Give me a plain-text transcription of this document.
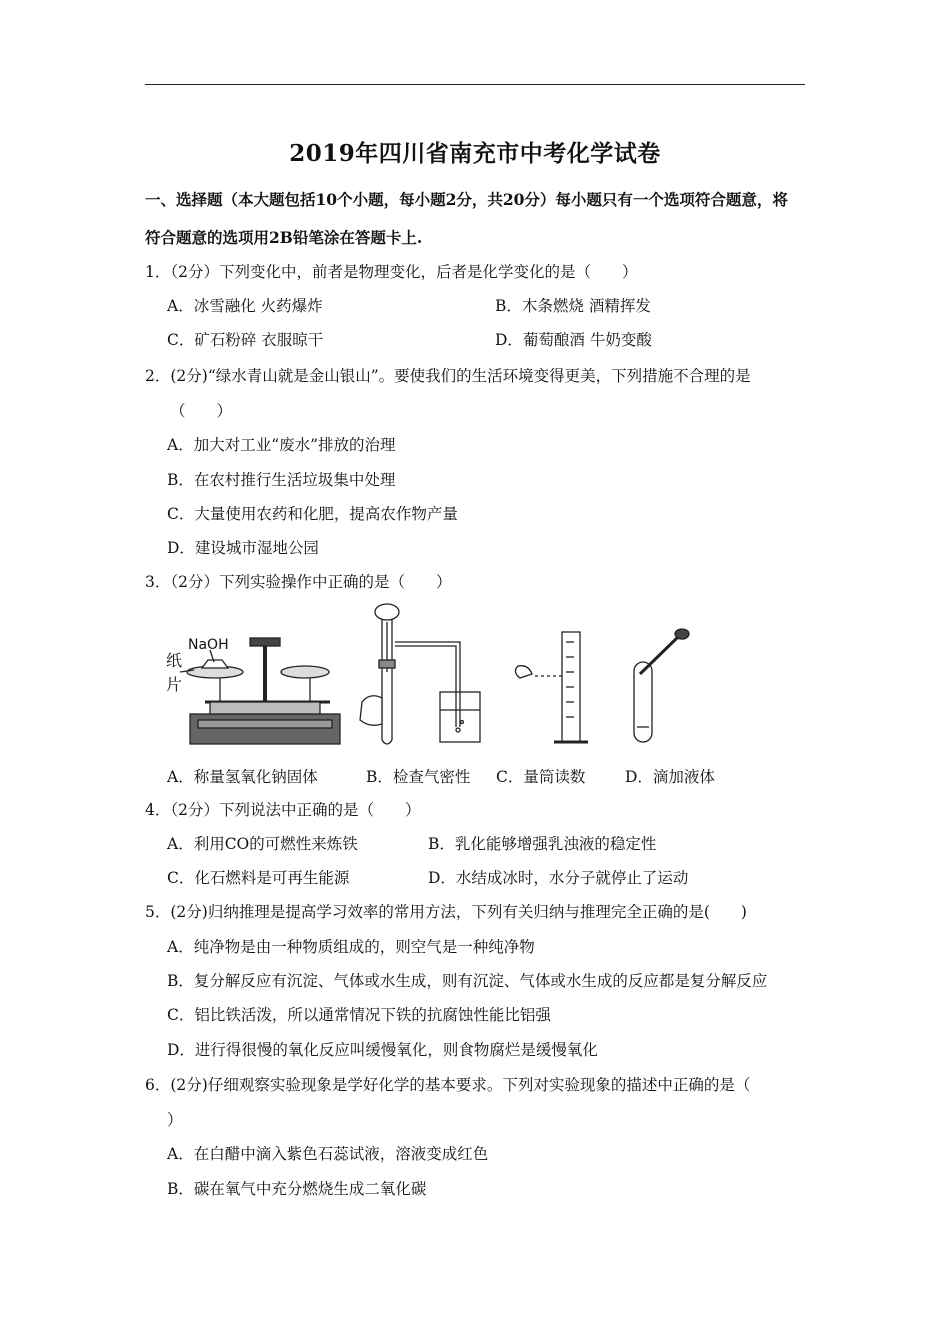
2019年四川省南充市中考化学试卷
一、选择题（本大题包括10个小题，每小题2分，共20分）每小题只有一个选项符合题意，将
符合题意的选项用2B铅笔涂在答题卡上.
1．（2分）下列变化中，前者是物理变化，后者是化学变化的是（　　）
A．冰雪融化 火药爆炸	B．木条燃烧 酒精挥发
C．矿石粉碎 衣服晾干	D．葡萄酿酒 牛奶变酸
2．(2分)“绿水青山就是金山银山”。要使我们的生活环境变得更美，下列措施不合理的是
（　　）
A．加大对工业“废水”排放的治理
B．在农村推行生活垃圾集中处理
C．大量使用农药和化肥，提高农作物产量
D．建设城市湿地公园
3．（2分）下列实验操作中正确的是（　　）
NaOH
纸
片
A．称量氢氧化钠固体	B．检查气密性 C．量筒读数	D．滴加液体
4．（2分）下列说法中正确的是（　　）
A．利用CO的可燃性来炼铁	B．乳化能够增强乳浊液的稳定性
C．化石燃料是可再生能源	D．水结成冰时，水分子就停止了运动
5．(2分)归纳推理是提高学习效率的常用方法，下列有关归纳与推理完全正确的是(　　)
A．纯净物是由一种物质组成的，则空气是一种纯净物
B．复分解反应有沉淀、气体或水生成，则有沉淀、气体或水生成的反应都是复分解反应
C．铝比铁活泼，所以通常情况下铁的抗腐蚀性能比铝强
D．进行得很慢的氧化反应叫缓慢氧化，则食物腐烂是缓慢氧化
6．(2分)仔细观察实验现象是学好化学的基本要求。下列对实验现象的描述中正确的是（
）
A．在白醋中滴入紫色石蕊试液，溶液变成红色
B．碳在氧气中充分燃烧生成二氧化碳
